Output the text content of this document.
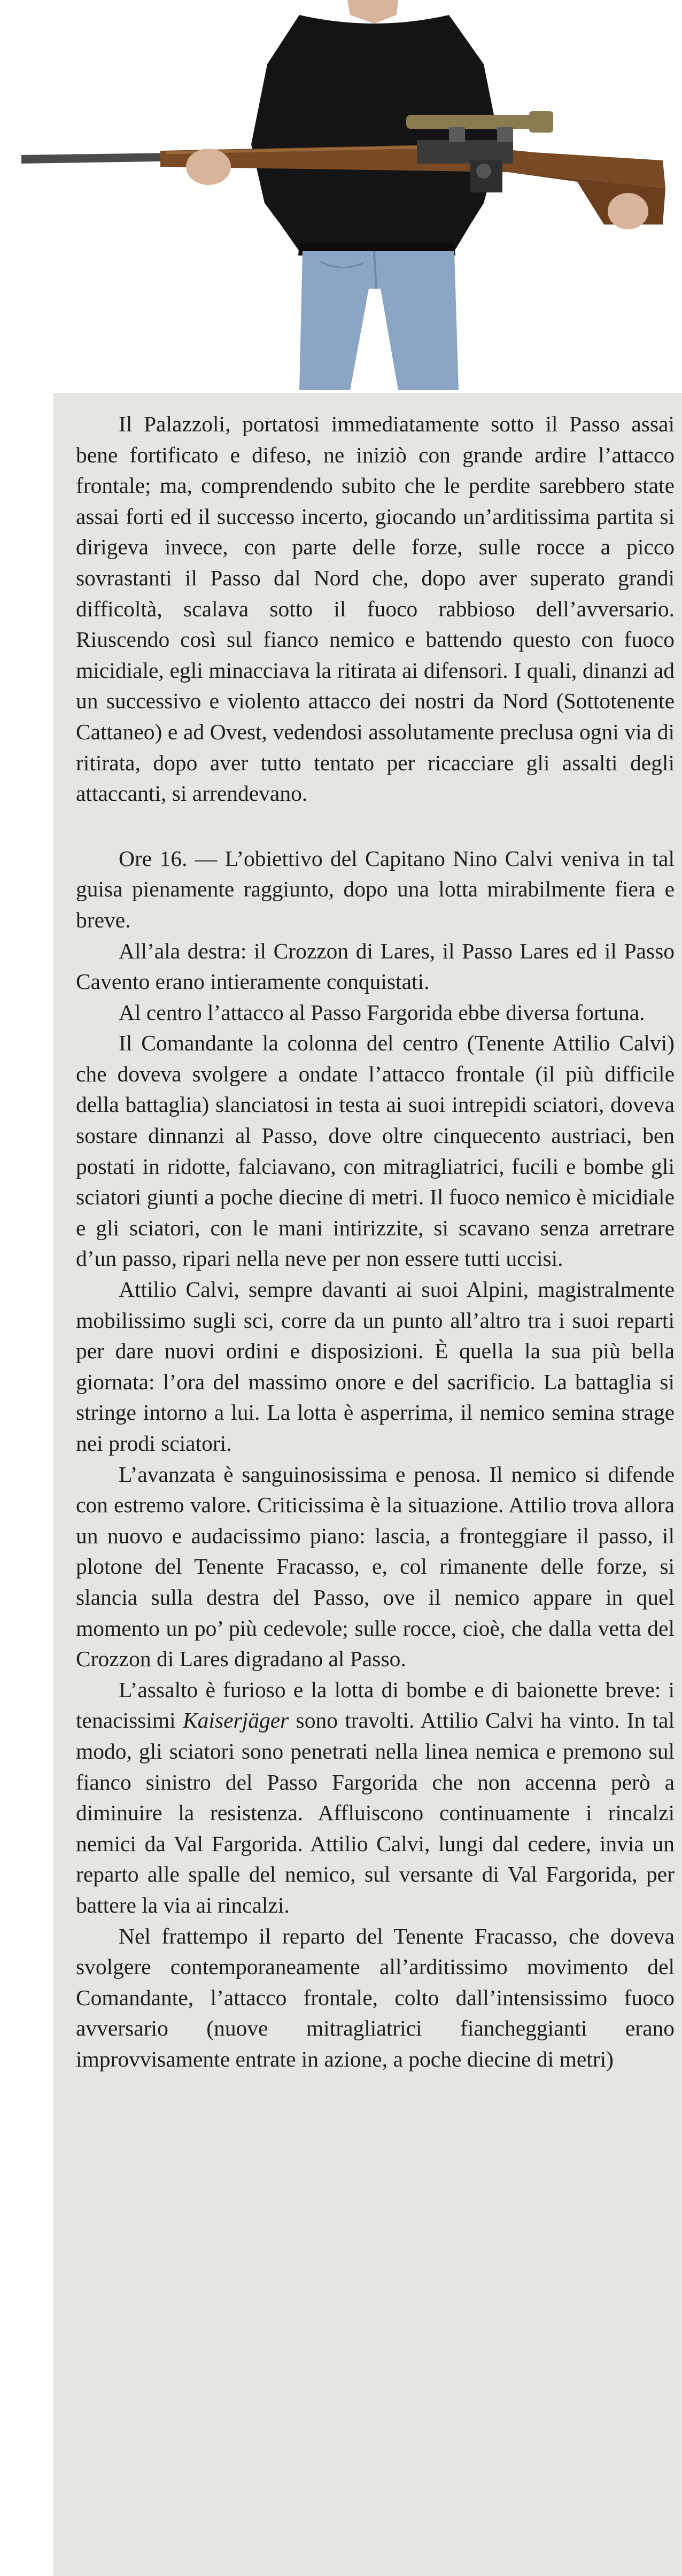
Il Palazzoli, portatosi immediatamente sotto il Passo assai bene fortificato e difeso, ne iniziò con grande ardire l’attacco frontale; ma, comprendendo subito che le perdite sarebbero state assai forti ed il successo incerto, giocando un’arditissima partita si dirigeva invece, con parte delle forze, sulle rocce a picco sovrastanti il Passo dal Nord che, dopo aver superato grandi difficoltà, scalava sotto il fuoco rabbioso dell’avversario. Riuscendo così sul fianco nemico e battendo questo con fuoco micidiale, egli minacciava la ritirata ai difensori. I quali, dinanzi ad un successivo e violento attacco dei nostri da Nord (Sottotenente Cattaneo) e ad Ovest, vedendosi assolutamente preclusa ogni via di ritirata, dopo aver tutto tentato per ricacciare gli assalti degli attaccanti, si arrendevano.

Ore 16. — L’obiettivo del Capitano Nino Calvi veniva in tal guisa pienamente raggiunto, dopo una lotta mirabilmente fiera e breve.

All’ala destra: il Crozzon di Lares, il Passo Lares ed il Passo Cavento erano intieramente conquistati.

Al centro l’attacco al Passo Fargorida ebbe diversa fortuna.

Il Comandante la colonna del centro (Tenente Attilio Calvi) che doveva svolgere a ondate l’attacco frontale (il più difficile della battaglia) slanciatosi in testa ai suoi intrepidi sciatori, doveva sostare dinnanzi al Passo, dove oltre cinquecento austriaci, ben postati in ridotte, falciavano, con mitragliatrici, fucili e bombe gli sciatori giunti a poche diecine di metri. Il fuoco nemico è micidiale e gli sciatori, con le mani intirizzite, si scavano senza arretrare d’un passo, ripari nella neve per non essere tutti uccisi.

Attilio Calvi, sempre davanti ai suoi Alpini, magistralmente mobilissimo sugli sci, corre da un punto all’altro tra i suoi reparti per dare nuovi ordini e disposizioni. È quella la sua più bella giornata: l’ora del massimo onore e del sacrificio. La battaglia si stringe intorno a lui. La lotta è asperrima, il nemico semina strage nei prodi sciatori.

L’avanzata è sanguinosissima e penosa. Il nemico si difende con estremo valore. Criticissima è la situazione. Attilio trova allora un nuovo e audacissimo piano: lascia, a fronteggiare il passo, il plotone del Tenente Fracasso, e, col rimanente delle forze, si slancia sulla destra del Passo, ove il nemico appare in quel momento un po’ più cedevole; sulle rocce, cioè, che dalla vetta del Crozzon di Lares digradano al Passo.

L’assalto è furioso e la lotta di bombe e di baionette breve: i tenacissimi Kaiserjäger sono travolti. Attilio Calvi ha vinto. In tal modo, gli sciatori sono penetrati nella linea nemica e premono sul fianco sinistro del Passo Fargorida che non accenna però a diminuire la resistenza. Affluiscono continuamente i rincalzi nemici da Val Fargorida. Attilio Calvi, lungi dal cedere, invia un reparto alle spalle del nemico, sul versante di Val Fargorida, per battere la via ai rincalzi.

Nel frattempo il reparto del Tenente Fracasso, che doveva svolgere contemporaneamente all’arditissimo movimento del Comandante, l’attacco frontale, colto dall’intensissimo fuoco avversario (nuove mitragliatrici fiancheggianti erano improvvisamente entrate in azione, a poche diecine di metri)
